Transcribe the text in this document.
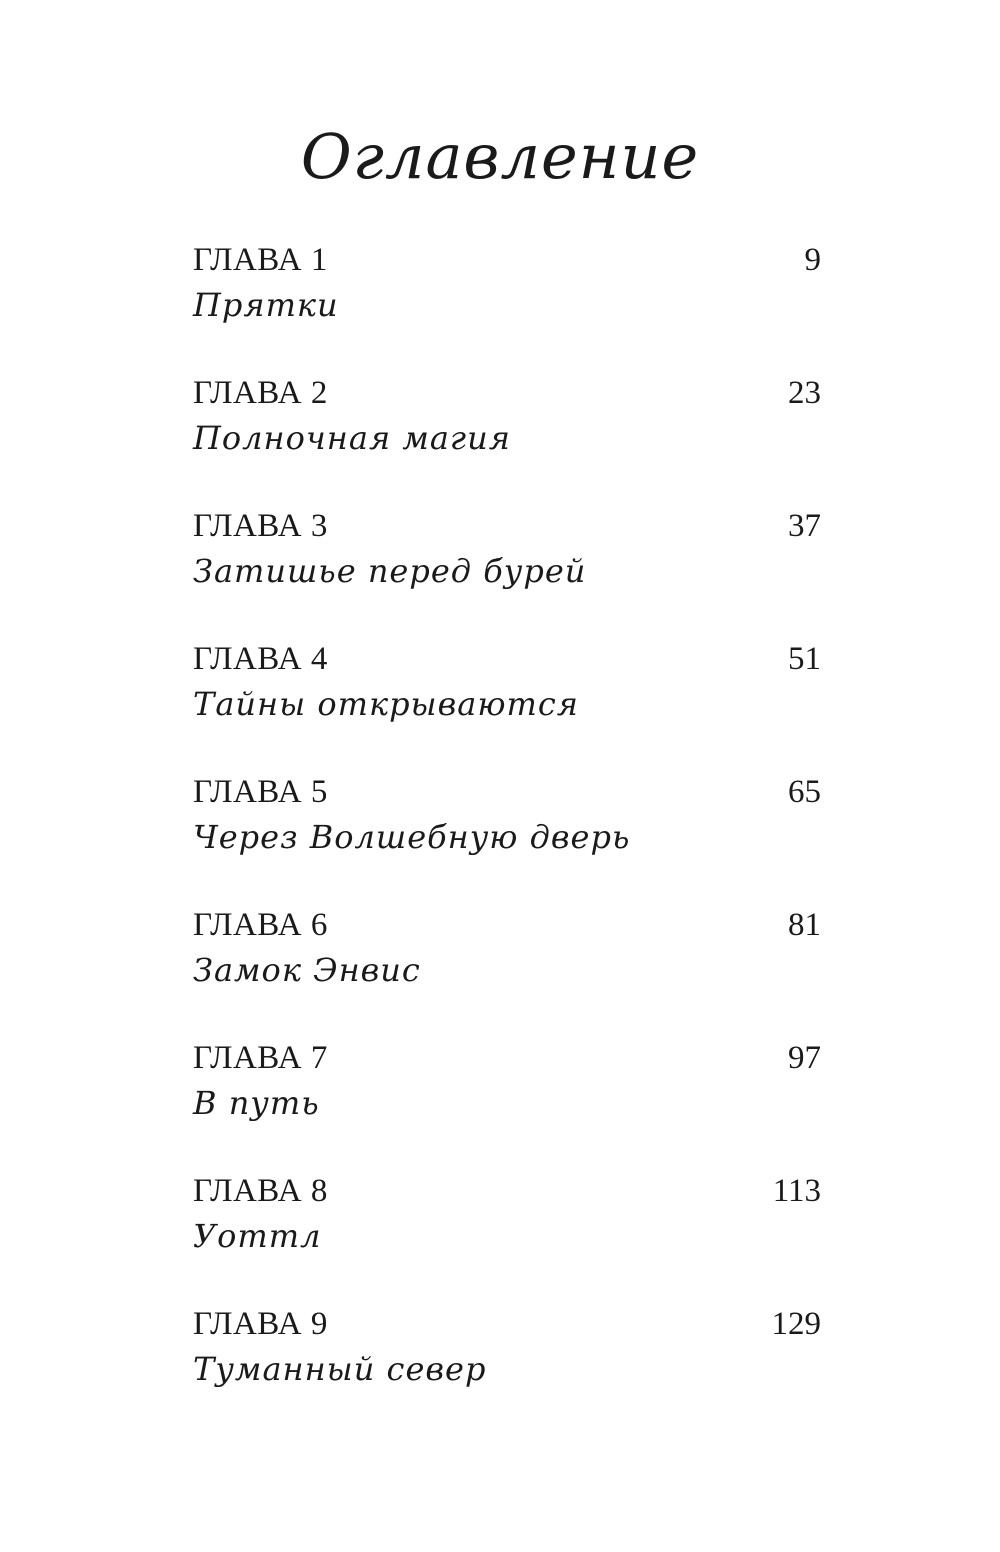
Оглавление
ГЛАВА 1	9
Прятки
ГЛАВА 2	23
Полночная магия
ГЛАВА 3	37
Затишье перед бурей
ГЛАВА 4	51
Тайны открываются
ГЛАВА 5	65
Через Волшебную дверь
ГЛАВА 6	81
Замок Энвис
ГЛАВА 7	97
В путь
ГЛАВА 8	113
Уоттл
ГЛАВА 9	129
Туманный север
